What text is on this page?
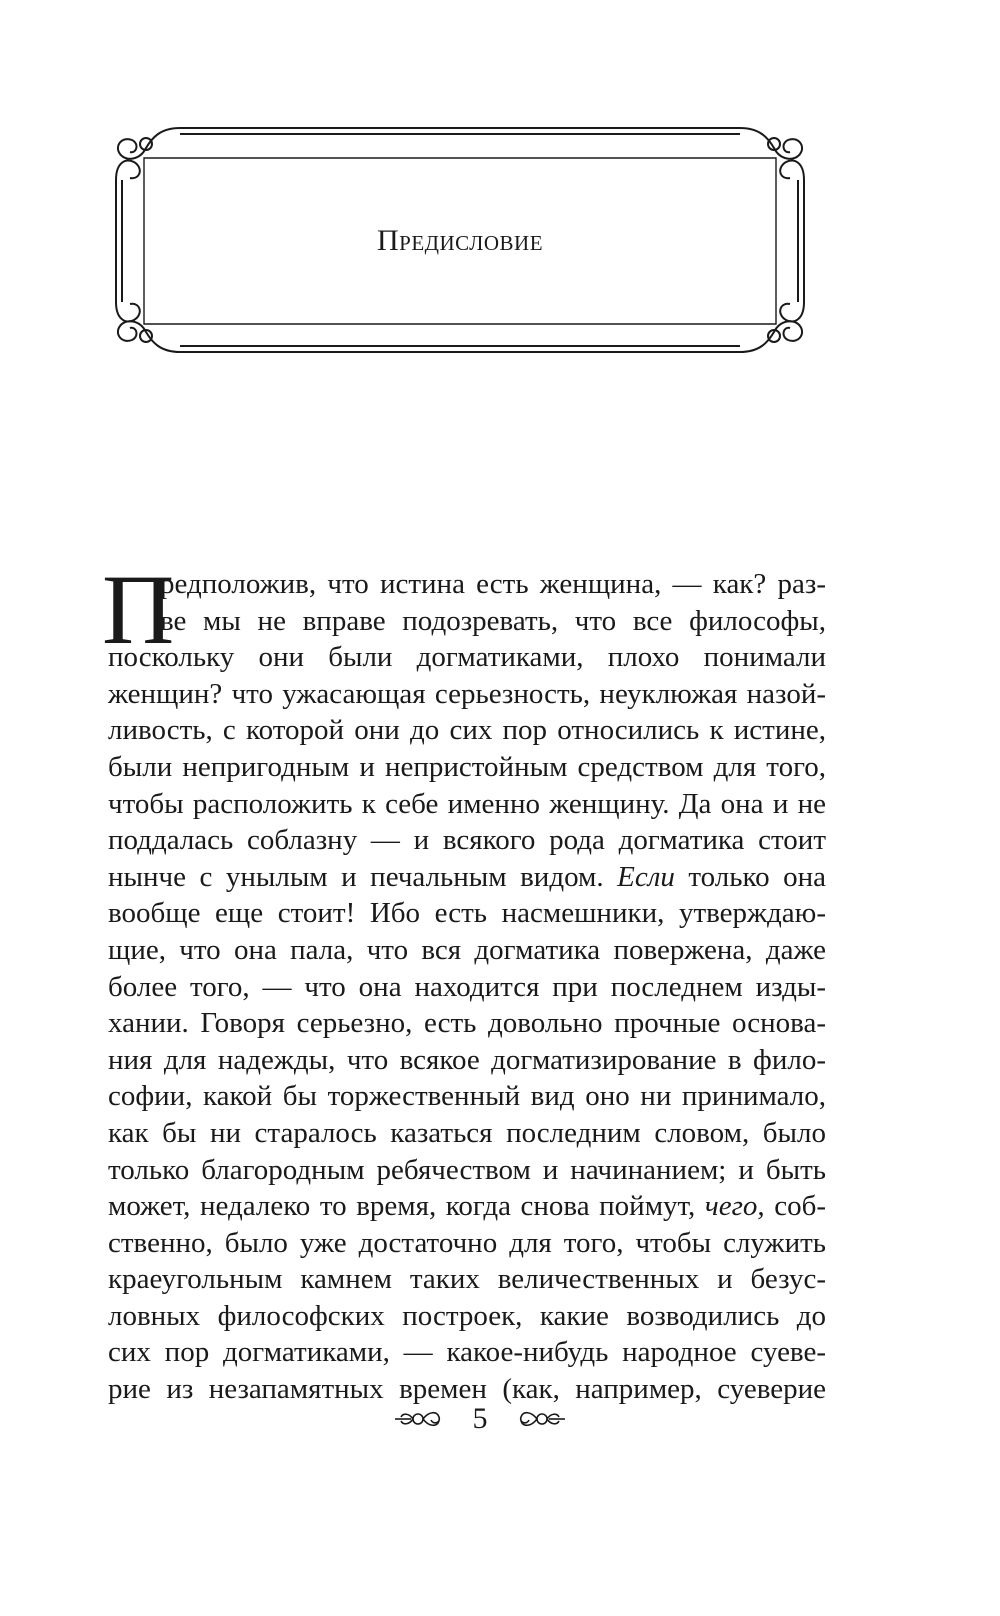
Предисловие
П
редположив, что истина есть женщина, — как? раз-
ве мы не вправе подозревать, что все философы,
поскольку они были догматиками, плохо понимали
женщин? что ужасающая серьезность, неуклюжая назой-
ливость, с которой они до сих пор относились к истине,
были непригодным и непристойным средством для того,
чтобы расположить к себе именно женщину. Да она и не
поддалась соблазну — и всякого рода догматика стоит
нынче с унылым и печальным видом. Если только она
вообще еще стоит! Ибо есть насмешники, утверждаю-
щие, что она пала, что вся догматика повержена, даже
более того, — что она находится при последнем изды-
хании. Говоря серьезно, есть довольно прочные основа-
ния для надежды, что всякое догматизирование в фило-
софии, какой бы торжественный вид оно ни принимало,
как бы ни старалось казаться последним словом, было
только благородным ребячеством и начинанием; и быть
может, недалеко то время, когда снова поймут, чего, соб-
ственно, было уже достаточно для того, чтобы служить
краеугольным камнем таких величественных и безус-
ловных философских построек, какие возводились до
сих пор догматиками, — какое-нибудь народное суеве-
рие из незапамятных времен (как, например, суеверие
5
